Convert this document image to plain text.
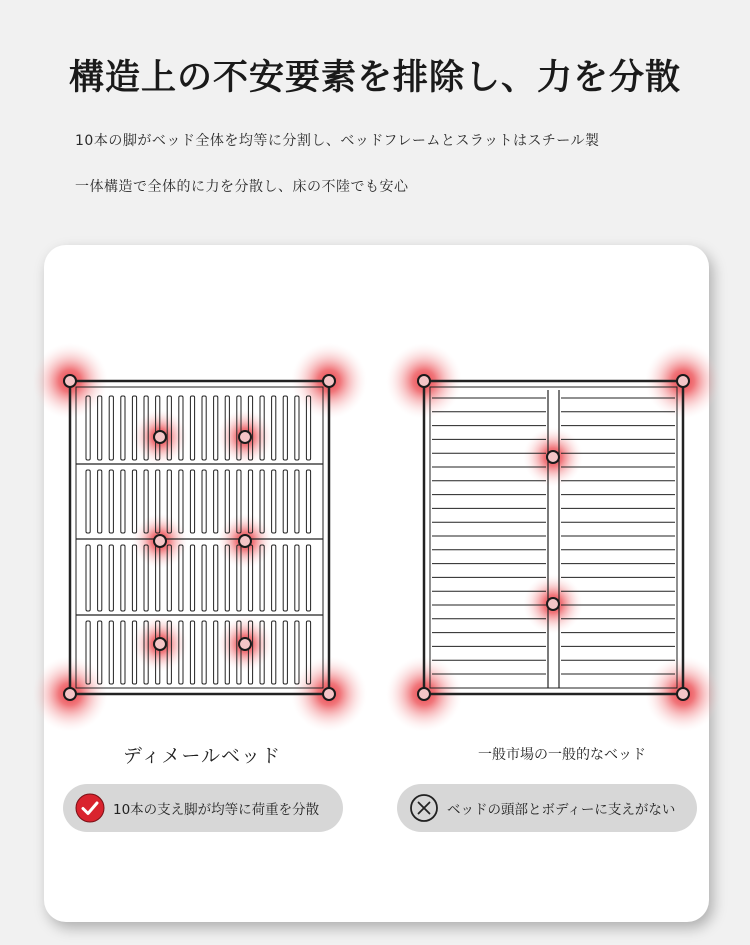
構造上の不安要素を排除し、力を分散

10本の脚がベッド全体を均等に分割し、ベッドフレームとスラットはスチール製

一体構造で全体的に力を分散し、床の不陸でも安心

ディメールベッド	一般市場の一般的なベッド

10本の支え脚が均等に荷重を分散	ベッドの頭部とボディーに支えがない
